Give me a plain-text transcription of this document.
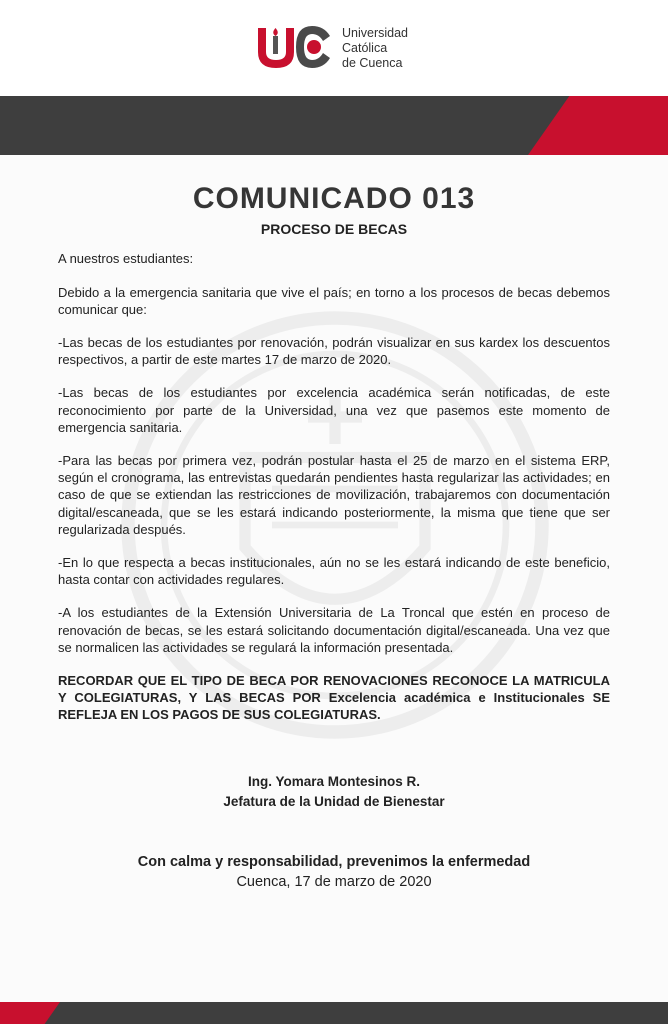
Universidad
Católica
de Cuenca
COMUNICADO 013
PROCESO DE BECAS

A nuestros estudiantes:

Debido a la emergencia sanitaria que vive el país; en torno a los procesos de becas debemos comunicar que:

-Las becas de los estudiantes por renovación, podrán visualizar en sus kardex los descuentos respectivos, a partir de este martes 17 de marzo de 2020.

-Las becas de los estudiantes por excelencia académica serán notificadas, de este reconocimiento por parte de la Universidad, una vez que pasemos este momento de emergencia sanitaria.

-Para las becas por primera vez, podrán postular hasta el 25 de marzo en el sistema ERP, según el cronograma, las entrevistas quedarán pendientes hasta regularizar las actividades; en caso de que se extiendan las restricciones de movilización, trabajaremos con documentación digital/escaneada, que se les estará indicando posteriormente, la misma que tiene que ser regularizada después.

-En lo que respecta a becas institucionales, aún no se les estará indicando de este beneficio, hasta contar con actividades regulares.

-A los estudiantes de la Extensión Universitaria de La Troncal que estén en proceso de renovación de becas, se les estará solicitando documentación digital/escaneada. Una vez que se normalicen las actividades se regulará la información presentada.

RECORDAR QUE EL TIPO DE BECA POR RENOVACIONES RECONOCE LA MATRICULA Y COLEGIATURAS, Y LAS BECAS POR Excelencia académica e Institucionales SE REFLEJA EN LOS PAGOS DE SUS COLEGIATURAS.

Ing. Yomara Montesinos R.
Jefatura de la Unidad de Bienestar
Con calma y responsabilidad, prevenimos la enfermedad
Cuenca, 17 de marzo de 2020
